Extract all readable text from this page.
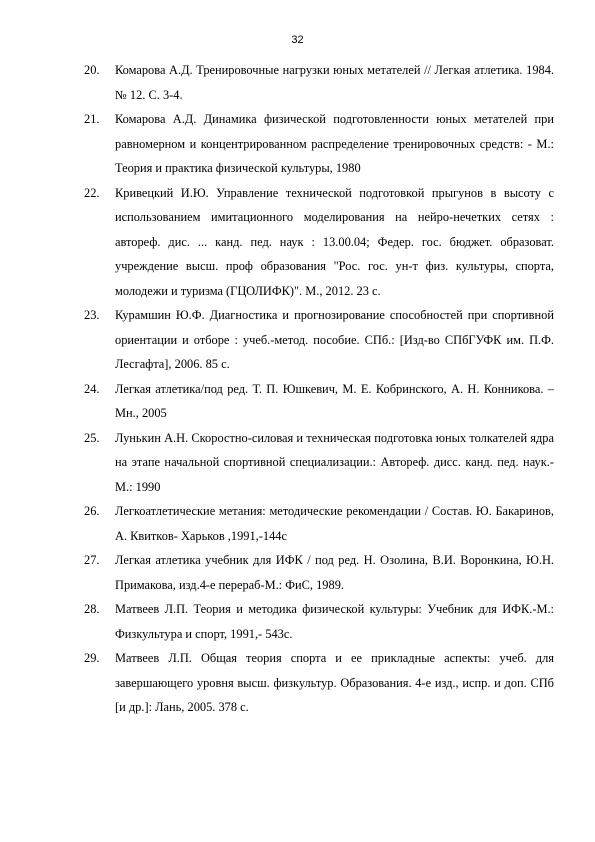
32
20.	Комарова А.Д. Тренировочные нагрузки юных метателей // Легкая атлетика. 1984. № 12. С. 3-4.
21.	Комарова А.Д. Динамика физической подготовленности юных метателей при равномерном и концентрированном распределение тренировочных средств: - М.: Теория и практика физической культуры, 1980
22.	Кривецкий И.Ю. Управление технической подготовкой прыгунов в высоту с использованием имитационного моделирования на нейро-нечетких сетях : автореф. дис. ... канд. пед. наук : 13.00.04; Федер. гос. бюджет. образоват. учреждение высш. проф образования "Рос. гос. ун-т физ. культуры, спорта, молодежи и туризма (ГЦОЛИФК)". М., 2012. 23 с.
23.	Курамшин Ю.Ф. Диагностика и прогнозирование способностей при спортивной ориентации и отборе : учеб.-метод. пособие. СПб.: [Изд-во СПбГУФК им. П.Ф. Лесгафта], 2006. 85 с.
24.	Легкая атлетика/под ред. Т. П. Юшкевич, М. Е. Кобринского, А. Н. Конникова. – Мн., 2005
25.	Лунькин А.Н. Скоростно-силовая и техническая подготовка юных толкателей ядра на этапе начальной спортивной специализации.: Автореф. дисс. канд. пед. наук.- М.: 1990
26.	Легкоатлетические метания: методические рекомендации / Состав. Ю. Бакаринов, А. Квитков- Харьков ,1991,-144с
27.	Легкая атлетика учебник для ИФК / под ред. Н. Озолина, В.И. Воронкина, Ю.Н. Примакова, изд.4-е перераб-М.: ФиС, 1989.
28.	Матвеев Л.П. Теория и методика физической культуры: Учебник для ИФК.-М.: Физкультура и спорт, 1991,- 543с.
29.	Матвеев Л.П. Общая теория спорта и ее прикладные аспекты: учеб. для завершающего уровня высш. физкультур. Образования. 4-е изд., испр. и доп. СПб [и др.]: Лань, 2005. 378 с.
